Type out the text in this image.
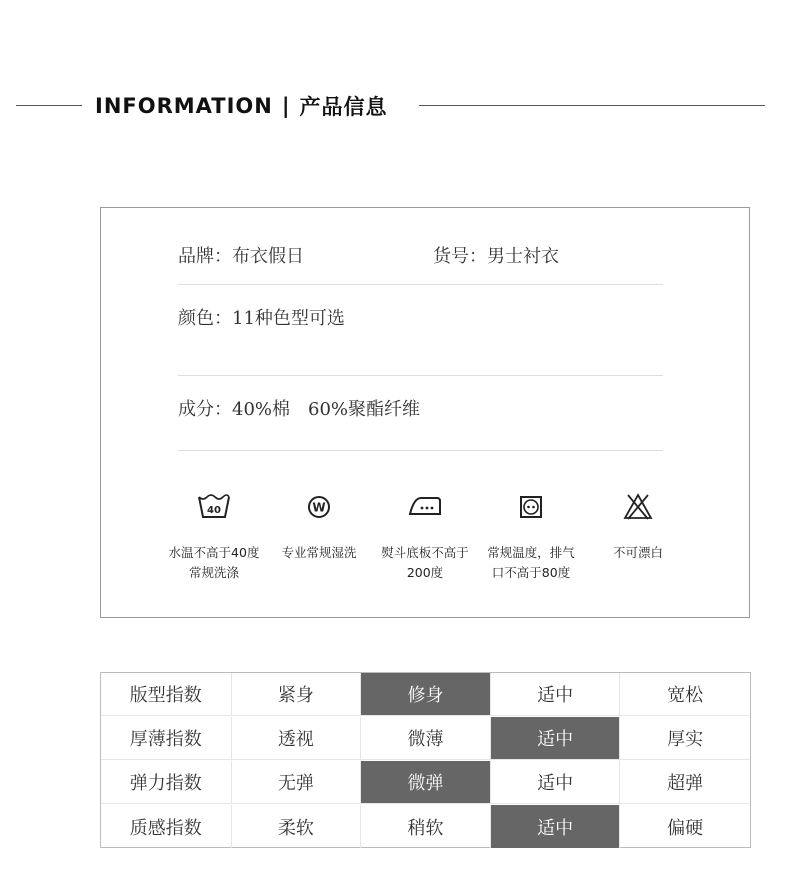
INFORMATION | 产品信息
品牌：布衣假日	货号：男士衬衣
颜色：11种色型可选
成分：40%棉　60%聚酯纤维
40	W
水温不高于40度
常规洗涤
专业常规湿洗	熨斗底板不高于
200度
常规温度，排气
口不高于80度
不可漂白
版型指数	紧身	修身	适中	宽松
厚薄指数	透视	微薄	适中	厚实
弹力指数	无弹	微弹	适中	超弹
质感指数	柔软	稍软	适中	偏硬
